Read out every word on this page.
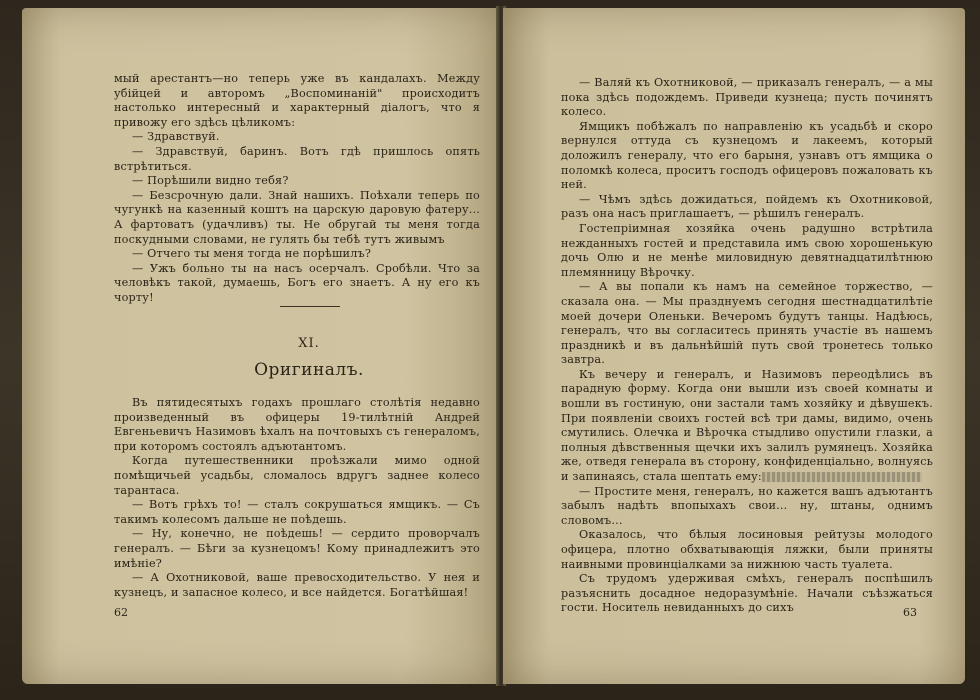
мый арестантъ—но теперь уже въ кандалахъ. Между убійцей и авторомъ „Воспоминаній" происходитъ настолько интересный и характерный діалогъ, что я привожу его здѣсь цѣликомъ:

— Здравствуй.

— Здравствуй, баринъ. Вотъ гдѣ пришлось опять встрѣтиться.

— Порѣшили видно тебя?

— Безсрочную дали. Знай нашихъ. Поѣхали теперь по чугункѣ на казенный коштъ на царскую даровую фатеру... А фартоватъ (удачливъ) ты. Не обругай ты меня тогда поскудными словами, не гулять бы тебѣ тутъ живымъ

— Отчего ты меня тогда не порѣшилъ?

— Ужъ больно ты на насъ осерчалъ. Сробѣли. Что за человѣкъ такой, думаешь, Богъ его знаетъ. А ну его къ чорту!

XI.
Оригиналъ.

Въ пятидесятыхъ годахъ прошлаго столѣтія недавно произведенный въ офицеры 19-тилѣтній Андрей Евгеньевичъ Назимовъ ѣхалъ на почтовыхъ съ генераломъ, при которомъ состоялъ адъютантомъ.

Когда путешественники проѣзжали мимо одной помѣщичьей усадьбы, сломалось вдругъ заднее колесо тарантаса.

— Вотъ грѣхъ то! — сталъ сокрушаться ямщикъ. — Съ такимъ колесомъ дальше не поѣдешь.

— Ну, конечно, не поѣдешь! — сердито проворчалъ генералъ. — Бѣги за кузнецомъ! Кому принадлежитъ это имѣніе?

— А Охотниковой, ваше превосходительство. У нея и кузнецъ, и запасное колесо, и все найдется. Богатѣйшая!

62

— Валяй къ Охотниковой, — приказалъ генералъ, — а мы пока здѣсь подождемъ. Приведи кузнеца; пусть починятъ колесо.

Ямщикъ побѣжалъ по направленію къ усадьбѣ и скоро вернулся оттуда съ кузнецомъ и лакеемъ, который доложилъ генералу, что его барыня, узнавъ отъ ямщика о поломкѣ колеса, проситъ господъ офицеровъ пожаловать къ ней.

— Чѣмъ здѣсь дожидаться, пойдемъ къ Охотниковой, разъ она насъ приглашаетъ, — рѣшилъ генералъ.

Гостепріимная хозяйка очень радушно встрѣтила нежданныхъ гостей и представила имъ свою хорошенькую дочь Олю и не менѣе миловидную девятнадцатилѣтнюю племянницу Вѣрочку.

— А вы попали къ намъ на семейное торжество, — сказала она. — Мы празднуемъ сегодня шестнадцатилѣтіе моей дочери Оленьки. Вечеромъ будутъ танцы. Надѣюсь, генералъ, что вы согласитесь принять участіе въ нашемъ праздникѣ и въ дальнѣйшій путь свой тронетесь только завтра.

Къ вечеру и генералъ, и Назимовъ переодѣлись въ парадную форму. Когда они вышли изъ своей комнаты и вошли въ гостиную, они застали тамъ хозяйку и дѣвушекъ. При появленіи своихъ гостей всѣ три дамы, видимо, очень смутились. Олечка и Вѣрочка стыдливо опустили глазки, а полныя дѣвственныя щечки ихъ залилъ румянецъ. Хозяйка же, отведя генерала въ сторону, конфиденціально, волнуясь и запинаясь, стала шептать ему:

— Простите меня, генералъ, но кажется вашъ адъютантъ забылъ надѣть впопыхахъ свои... ну, штаны, однимъ словомъ...

Оказалось, что бѣлыя лосиновыя рейтузы молодого офицера, плотно обхватывающія ляжки, были приняты наивными провинціалками за нижнюю часть туалета.

Съ трудомъ удерживая смѣхъ, генералъ поспѣшилъ разъяснить досадное недоразумѣніе. Начали съѣзжаться гости. Носитель невиданныхъ до сихъ	63
